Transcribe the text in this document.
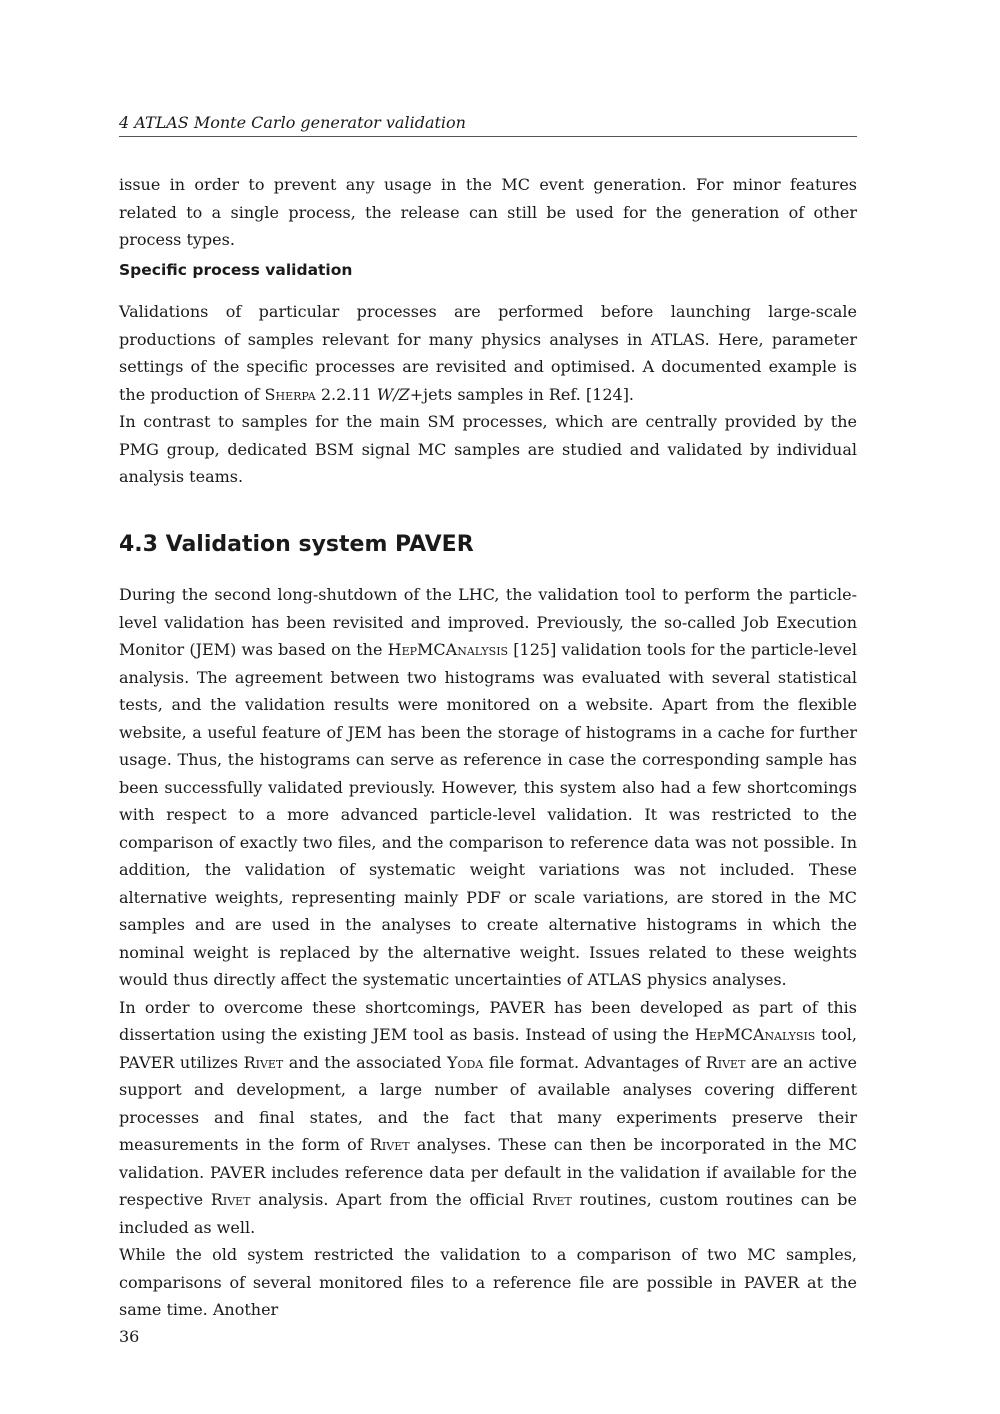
4 ATLAS Monte Carlo generator validation

issue in order to prevent any usage in the MC event generation. For minor features related to a single process, the release can still be used for the generation of other process types.

Specific process validation

Validations of particular processes are performed before launching large-scale productions of samples relevant for many physics analyses in ATLAS. Here, parameter settings of the specific processes are revisited and optimised. A documented example is the production of Sherpa 2.2.11 W/Z+jets samples in Ref. [124].

In contrast to samples for the main SM processes, which are centrally provided by the PMG group, dedicated BSM signal MC samples are studied and validated by individual analysis teams.

4.3 Validation system PAVER

During the second long-shutdown of the LHC, the validation tool to perform the particle-level validation has been revisited and improved. Previously, the so-called Job Execution Monitor (JEM) was based on the HepMCAnalysis [125] validation tools for the particle-level analysis. The agreement between two histograms was evaluated with several statistical tests, and the validation results were monitored on a website. Apart from the flexible website, a useful feature of JEM has been the storage of histograms in a cache for further usage. Thus, the histograms can serve as reference in case the corresponding sample has been successfully validated previously. However, this system also had a few shortcomings with respect to a more advanced particle-level validation. It was restricted to the comparison of exactly two files, and the comparison to reference data was not possible. In addition, the validation of systematic weight variations was not included. These alternative weights, representing mainly PDF or scale variations, are stored in the MC samples and are used in the analyses to create alternative histograms in which the nominal weight is replaced by the alternative weight. Issues related to these weights would thus directly affect the systematic uncertainties of ATLAS physics analyses.

In order to overcome these shortcomings, PAVER has been developed as part of this dissertation using the existing JEM tool as basis. Instead of using the HepMCAnalysis tool, PAVER utilizes Rivet and the associated Yoda file format. Advantages of Rivet are an active support and development, a large number of available analyses covering different processes and final states, and the fact that many experiments preserve their measurements in the form of Rivet analyses. These can then be incorporated in the MC validation. PAVER includes reference data per default in the validation if available for the respective Rivet analysis. Apart from the official Rivet routines, custom routines can be included as well.

While the old system restricted the validation to a comparison of two MC samples, comparisons of several monitored files to a reference file are possible in PAVER at the same time. Another

36
